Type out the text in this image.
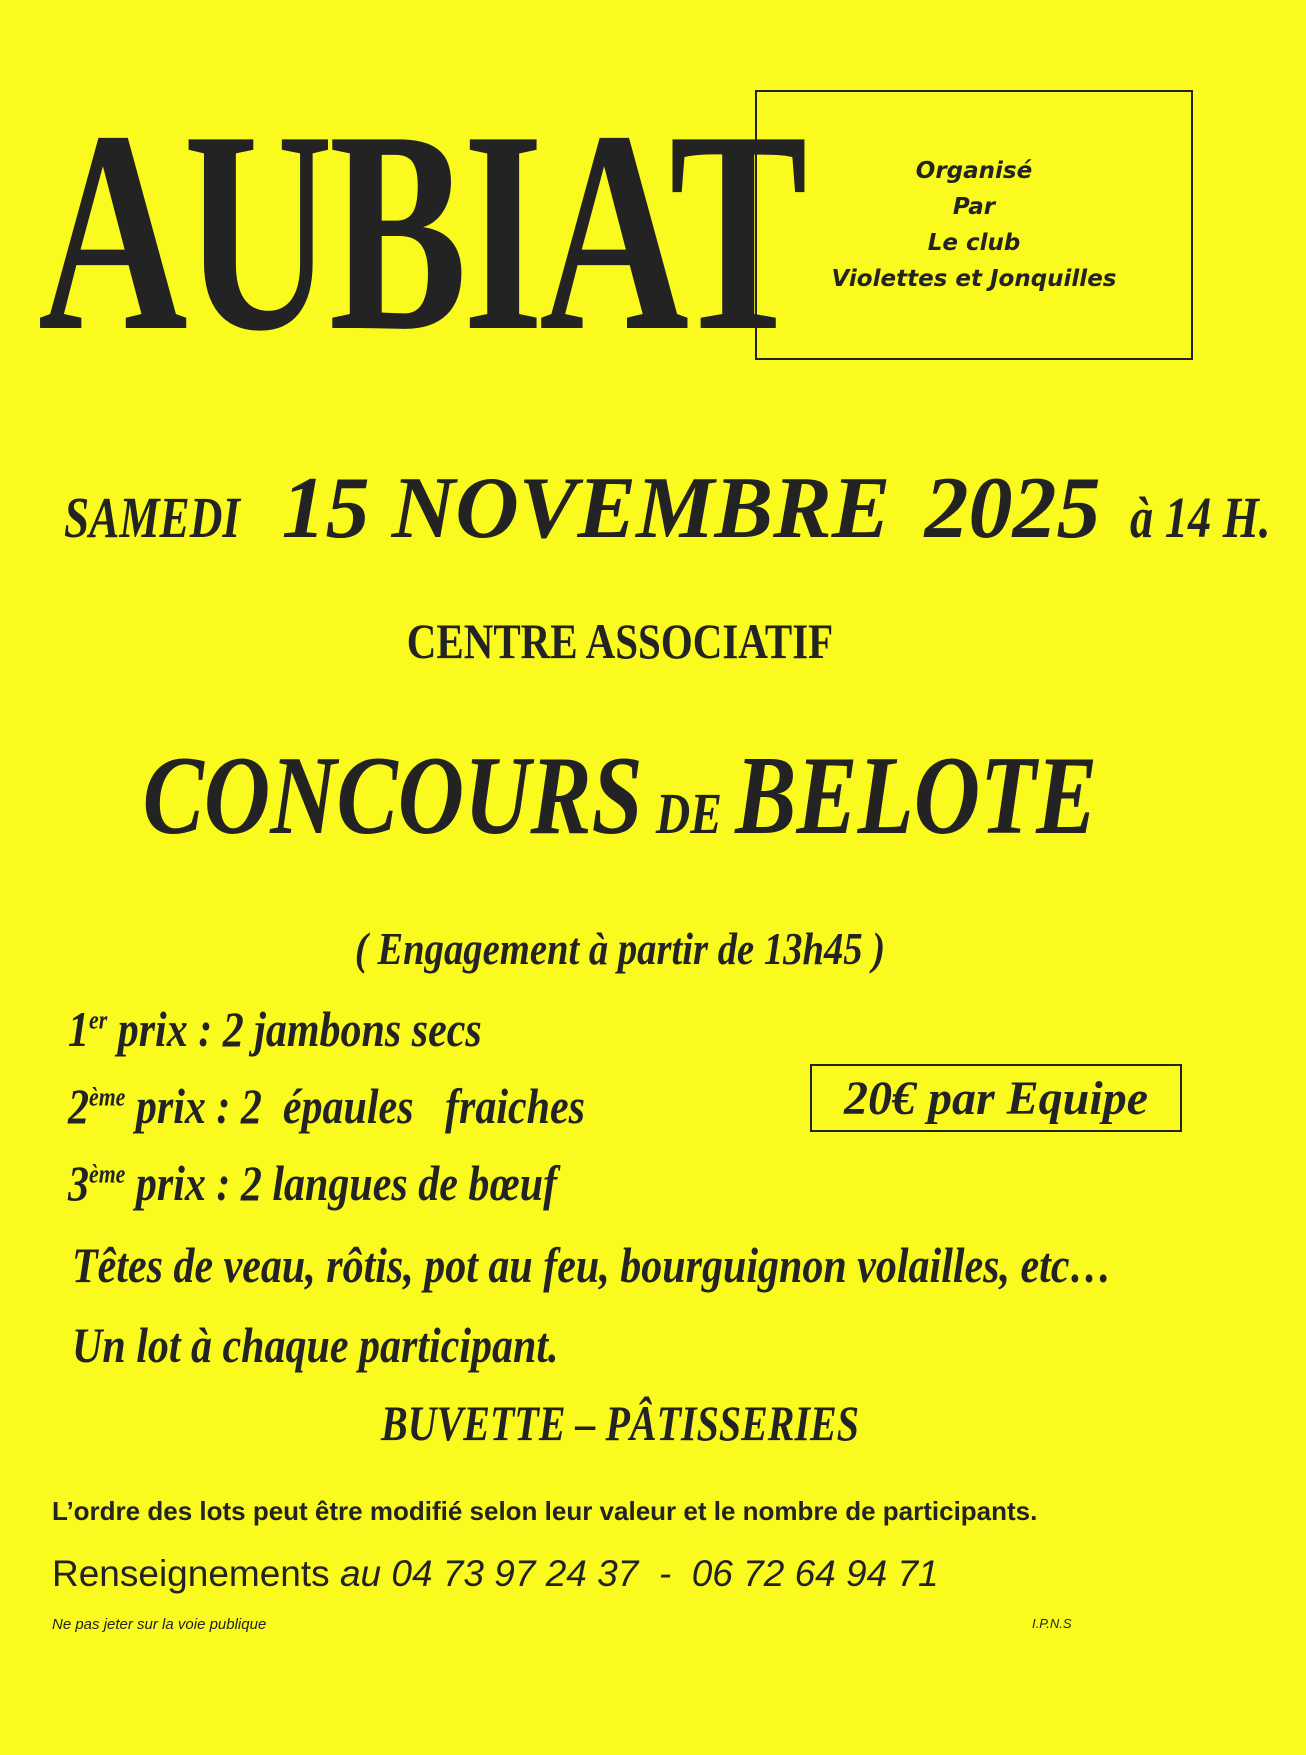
AUBIAT	Organisé
Par
Le club
Violettes et Jonquilles
SAMEDI 15 NOVEMBRE 2025 à 14 H.
CENTRE ASSOCIATIF
CONCOURS DE BELOTE
( Engagement à partir de 13h45 )
1er prix : 2 jambons secs
2ème prix : 2  épaules   fraiches
3ème prix : 2 langues de bœuf
20€ par Equipe
Têtes de veau, rôtis, pot au feu, bourguignon volailles, etc…
Un lot à chaque participant.
BUVETTE – PÂTISSERIES
L’ordre des lots peut être modifié selon leur valeur et le nombre de participants.
Renseignements au 04 73 97 24 37  -  06 72 64 94 71
Ne pas jeter sur la voie publique	I.P.N.S
